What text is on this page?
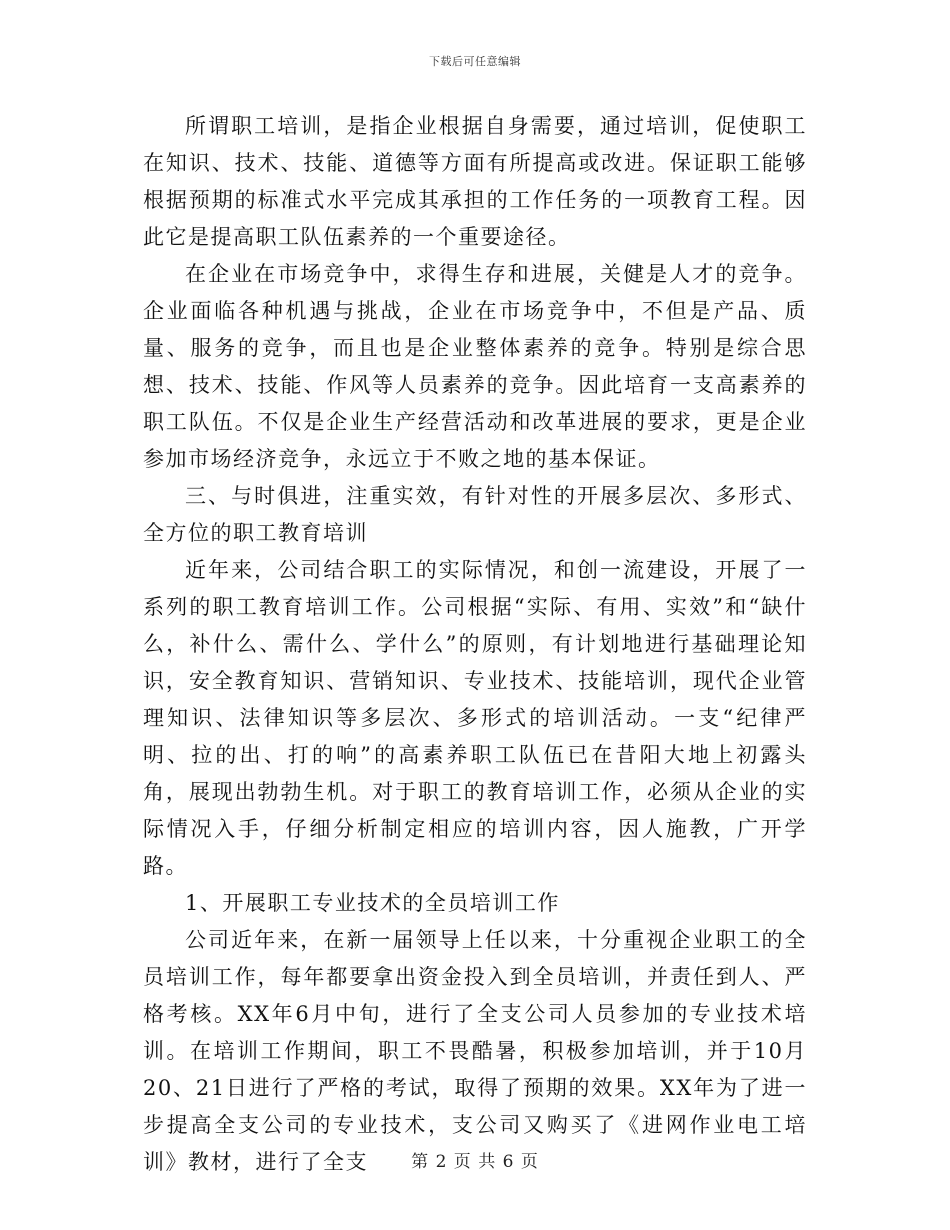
下载后可任意编辑

所谓职工培训，是指企业根据自身需要，通过培训，促使职工在知识、技术、技能、道德等方面有所提高或改进。保证职工能够根据预期的标准式水平完成其承担的工作任务的一项教育工程。因此它是提高职工队伍素养的一个重要途径。

在企业在市场竞争中，求得生存和进展，关健是人才的竞争。企业面临各种机遇与挑战，企业在市场竞争中，不但是产品、质量、服务的竞争，而且也是企业整体素养的竞争。特别是综合思想、技术、技能、作风等人员素养的竞争。因此培育一支高素养的职工队伍。不仅是企业生产经营活动和改革进展的要求，更是企业参加市场经济竞争，永远立于不败之地的基本保证。

三、与时俱进，注重实效，有针对性的开展多层次、多形式、全方位的职工教育培训

近年来，公司结合职工的实际情况，和创一流建设，开展了一系列的职工教育培训工作。公司根据“实际、有用、实效”和“缺什么，补什么、需什么、学什么”的原则，有计划地进行基础理论知识，安全教育知识、营销知识、专业技术、技能培训，现代企业管理知识、法律知识等多层次、多形式的培训活动。一支“纪律严明、拉的出、打的响”的高素养职工队伍已在昔阳大地上初露头角，展现出勃勃生机。对于职工的教育培训工作，必须从企业的实际情况入手，仔细分析制定相应的培训内容，因人施教，广开学路。

1、开展职工专业技术的全员培训工作

公司近年来，在新一届领导上任以来，十分重视企业职工的全员培训工作，每年都要拿出资金投入到全员培训，并责任到人、严格考核。XX年6月中旬，进行了全支公司人员参加的专业技术培训。在培训工作期间，职工不畏酷暑，积极参加培训，并于10月20、21日进行了严格的考试，取得了预期的效果。XX年为了进一步提高全支公司的专业技术，支公司又购买了《进网作业电工培训》教材，进行了全支	第 2 页 共 6 页
